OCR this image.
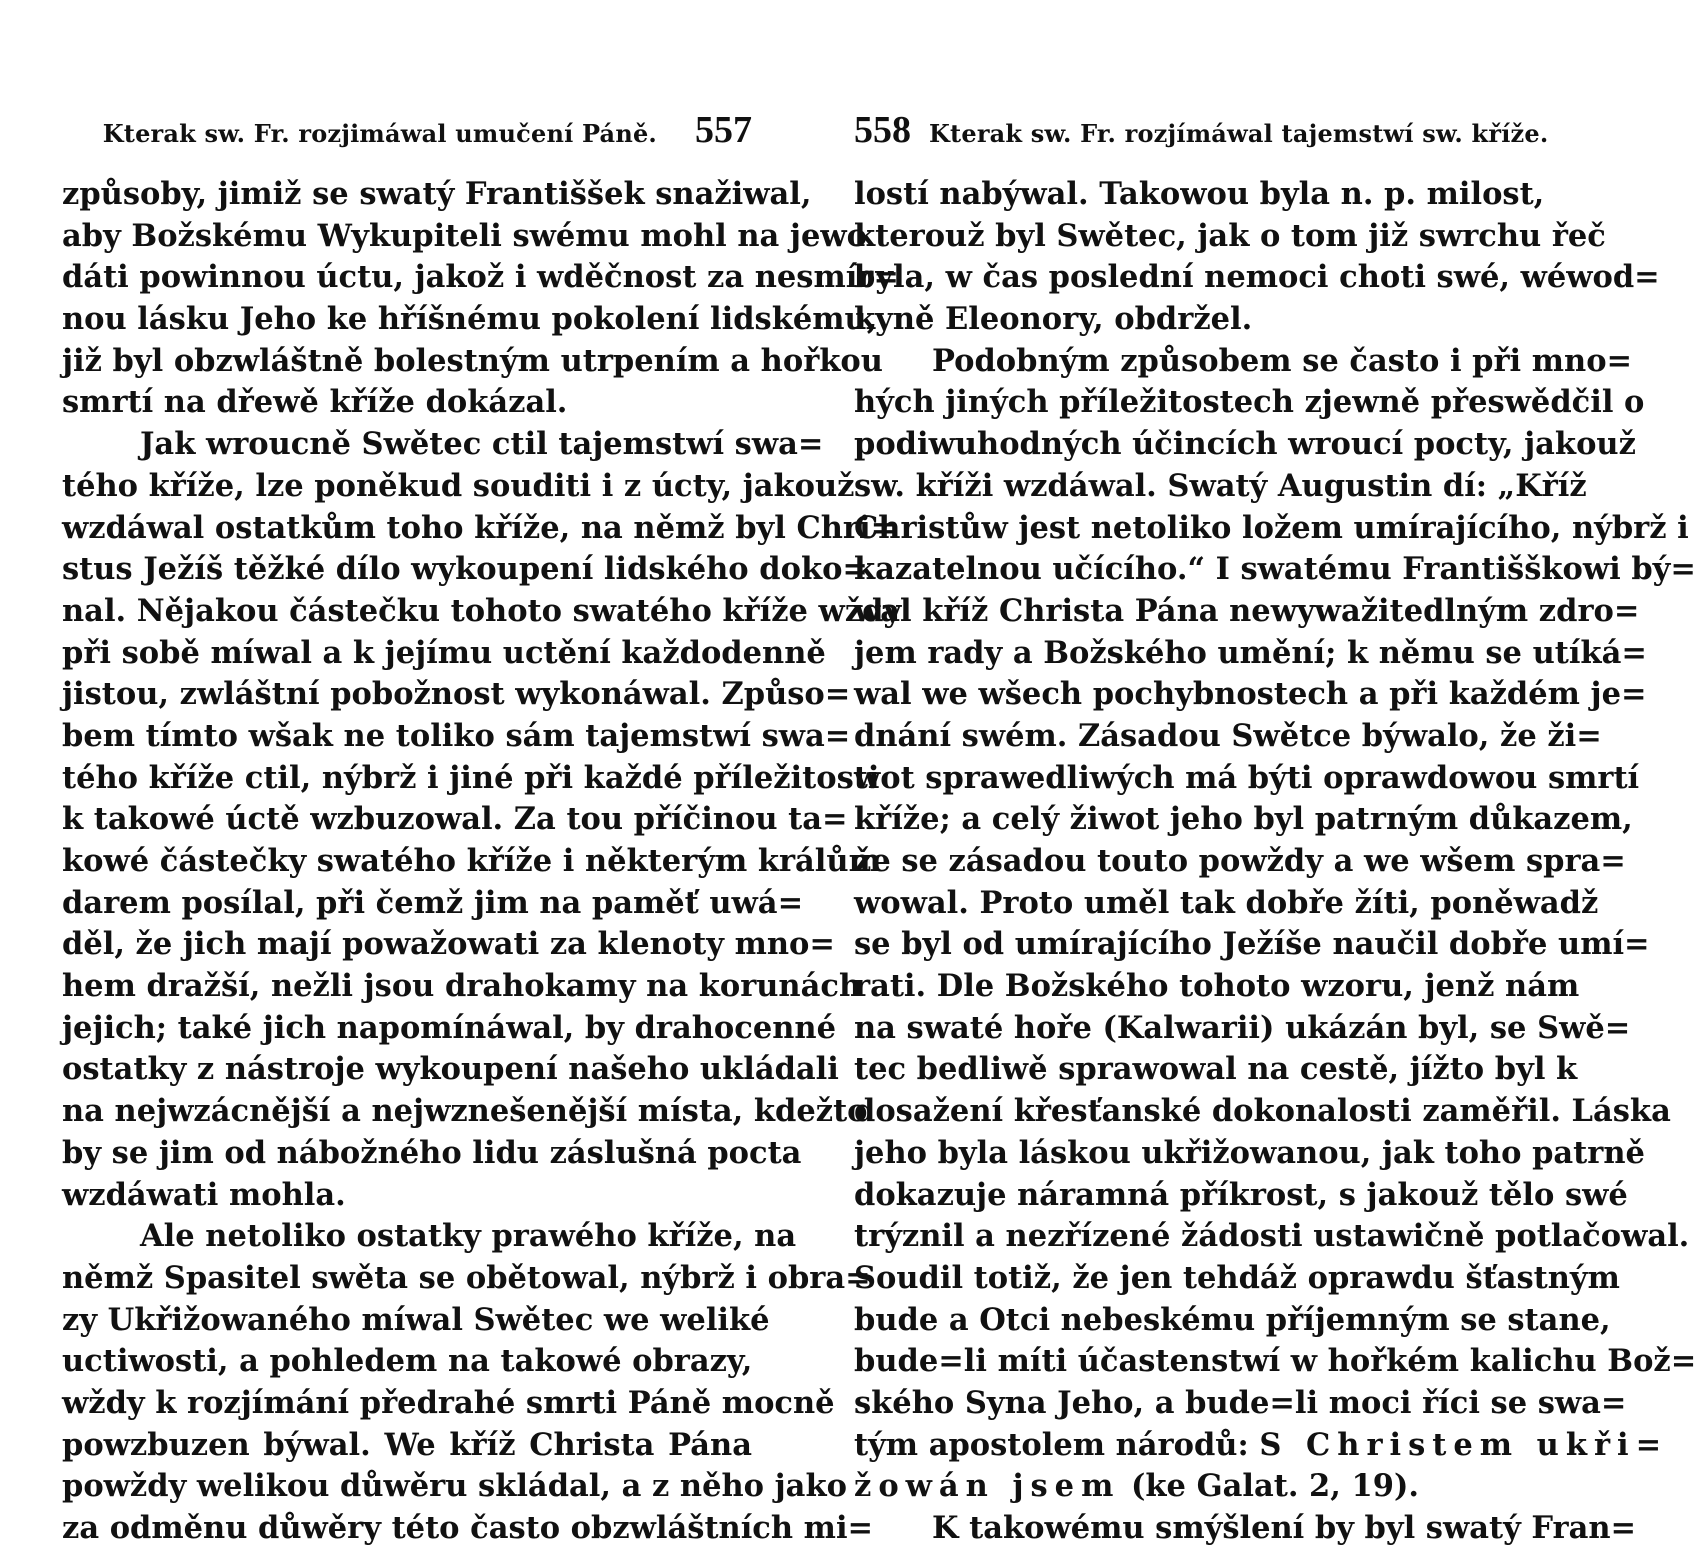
Kterak sw. Fr. rozjimáwal umučení Páně. 557
způsoby, jimiž se swatý Františšek snažiwal,
aby Božskému Wykupiteli swému mohl na jewo
dáti powinnou úctu, jakož i wděčnost za nesmír=
nou lásku Jeho ke hříšnému pokolení lidskému,
již byl obzwláštně bolestným utrpením a hořkou
smrtí na dřewě kříže dokázal.
Jak wroucně Swětec ctil tajemstwí swa=
tého kříže, lze poněkud souditi i z úcty, jakouž
wzdáwal ostatkům toho kříže, na němž byl Chri=
stus Ježíš těžké dílo wykoupení lidského doko=
nal. Nějakou částečku tohoto swatého kříže wždy
při sobě míwal a k jejímu uctění každodenně
jistou, zwláštní pobožnost wykonáwal. Způso=
bem tímto wšak ne toliko sám tajemstwí swa=
tého kříže ctil, nýbrž i jiné při každé příležitosti
k takowé úctě wzbuzowal. Za tou příčinou ta=
kowé částečky swatého kříže i některým králům
darem posílal, při čemž jim na paměť uwá=
děl, že jich mají powažowati za klenoty mno=
hem dražší, nežli jsou drahokamy na korunách
jejich; také jich napomínáwal, by drahocenné
ostatky z nástroje wykoupení našeho ukládali
na nejwzácnější a nejwznešenější místa, kdežto
by se jim od nábožného lidu záslušná pocta
wzdáwati mohla.
Ale netoliko ostatky prawého kříže, na
němž Spasitel swěta se obětowal, nýbrž i obra=
zy Ukřižowaného míwal Swětec we weliké
uctiwosti, a pohledem na takowé obrazy,
wždy k rozjímání předrahé smrti Páně mocně
powzbuzen býwal. We kříž Christa Pána
powždy welikou důwěru skládal, a z něho jako
za odměnu důwěry této často obzwláštních mi=
558 Kterak sw. Fr. rozjímáwal tajemstwí sw. kříže.
lostí nabýwal. Takowou byla n. p. milost,
kterouž byl Swětec, jak o tom již swrchu řeč
byla, w čas poslední nemoci choti swé, wéwod=
kyně Eleonory, obdržel.
Podobným způsobem se často i při mno=
hých jiných příležitostech zjewně přeswědčil o
podiwuhodných účincích wroucí pocty, jakouž
sw. kříži wzdáwal. Swatý Augustin dí: „Kříž
Christůw jest netoliko ložem umírajícího, nýbrž i
kazatelnou učícího.“ I swatému Františškowi bý=
wal kříž Christa Pána newywažitedlným zdro=
jem rady a Božského umění; k němu se utíká=
wal we wšech pochybnostech a při každém je=
dnání swém. Zásadou Swětce býwalo, že ži=
wot sprawedliwých má býti oprawdowou smrtí
kříže; a celý žiwot jeho byl patrným důkazem,
že se zásadou touto powždy a we wšem spra=
wowal. Proto uměl tak dobře žíti, poněwadž
se byl od umírajícího Ježíše naučil dobře umí=
rati. Dle Božského tohoto wzoru, jenž nám
na swaté hoře (Kalwarii) ukázán byl, se Swě=
tec bedliwě sprawowal na cestě, jížto byl k
dosažení křesťanské dokonalosti zaměřil. Láska
jeho byla láskou ukřižowanou, jak toho patrně
dokazuje náramná příkrost, s jakouž tělo swé
trýznil a nezřízené žádosti ustawičně potlačowal.
Soudil totiž, že jen tehdáž oprawdu šťastným
bude a Otci nebeskému příjemným se stane,
bude=li míti účastenstwí w hořkém kalichu Bož=
ského Syna Jeho, a bude=li moci říci se swa=
tým apostolem národů: S Christem ukři=
žowán jsem (ke Galat. 2, 19).
K takowému smýšlení by byl swatý Fran=
